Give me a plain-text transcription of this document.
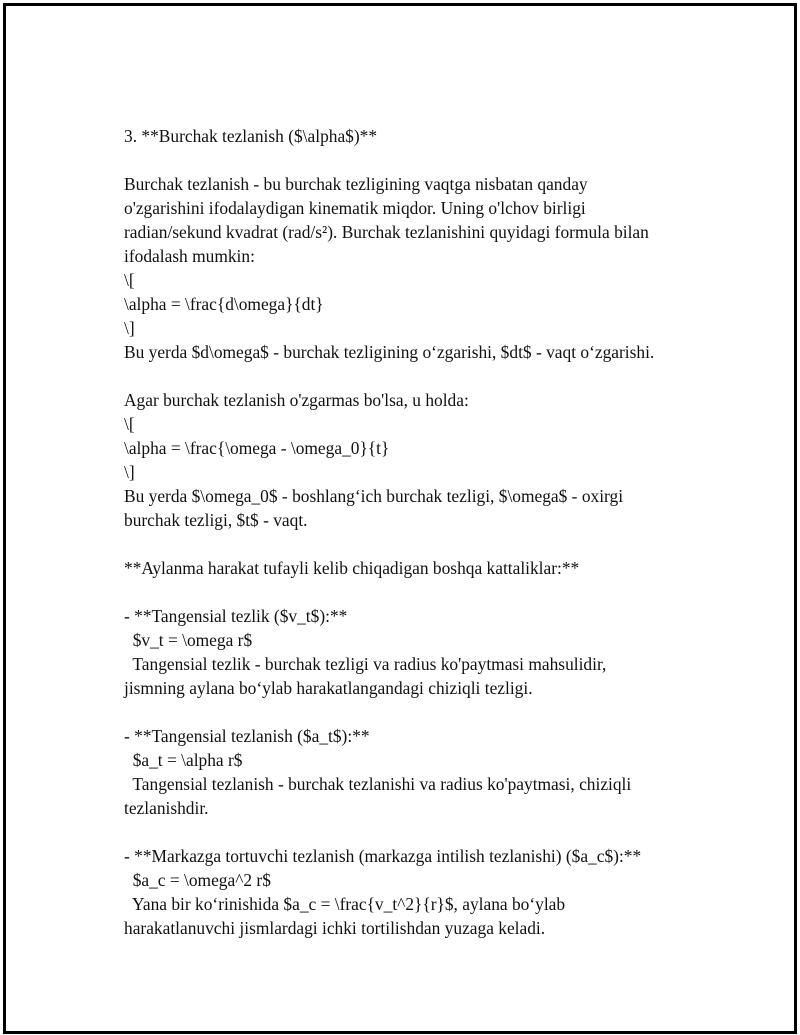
3. **Burchak tezlanish ($\alpha$)**
Burchak tezlanish - bu burchak tezligining vaqtga nisbatan qanday
o'zgarishini ifodalaydigan kinematik miqdor. Uning o'lchov birligi
radian/sekund kvadrat (rad/s²). Burchak tezlanishini quyidagi formula bilan
ifodalash mumkin:
\[
\alpha = \frac{d\omega}{dt}
\]
Bu yerda $d\omega$ - burchak tezligining o‘zgarishi, $dt$ - vaqt o‘zgarishi.
Agar burchak tezlanish o'zgarmas bo'lsa, u holda:
\[
\alpha = \frac{\omega - \omega_0}{t}
\]
Bu yerda $\omega_0$ - boshlang‘ich burchak tezligi, $\omega$ - oxirgi
burchak tezligi, $t$ - vaqt.
**Aylanma harakat tufayli kelib chiqadigan boshqa kattaliklar:**
- **Tangensial tezlik ($v_t$):**
$v_t = \omega r$
Tangensial tezlik - burchak tezligi va radius ko'paytmasi mahsulidir,
jismning aylana bo‘ylab harakatlangandagi chiziqli tezligi.
- **Tangensial tezlanish ($a_t$):**
$a_t = \alpha r$
Tangensial tezlanish - burchak tezlanishi va radius ko'paytmasi, chiziqli
tezlanishdir.
- **Markazga tortuvchi tezlanish (markazga intilish tezlanishi) ($a_c$):**
$a_c = \omega^2 r$
Yana bir ko‘rinishida $a_c = \frac{v_t^2}{r}$, aylana bo‘ylab
harakatlanuvchi jismlardagi ichki tortilishdan yuzaga keladi.
